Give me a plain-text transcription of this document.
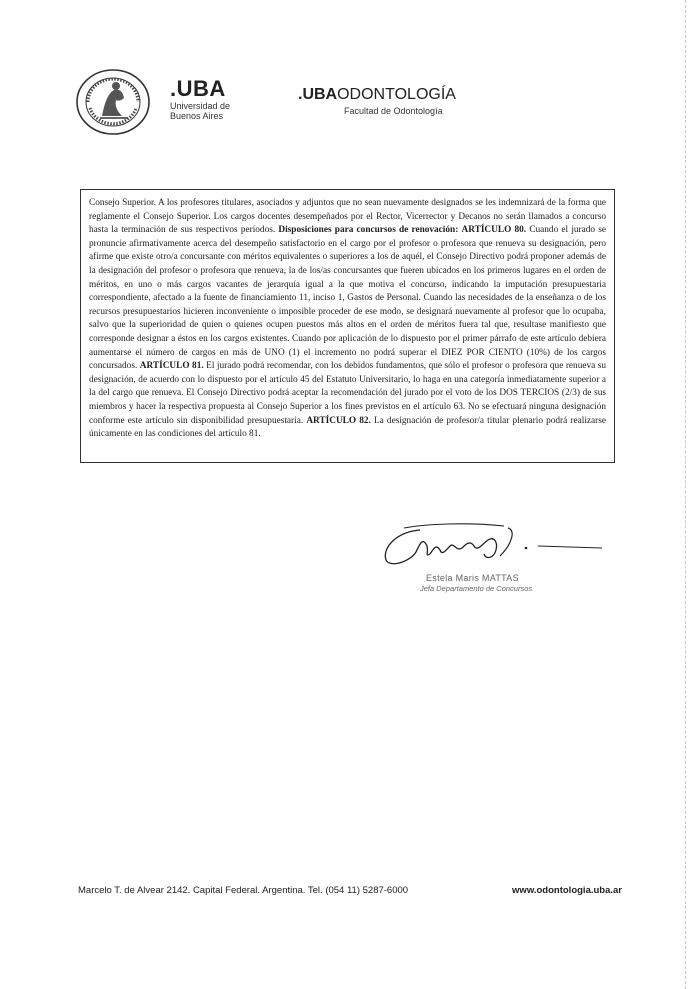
.UBA
Universidad de Buenos Aires
.UBAODONTOLOGÍA
Facultad de Odontología

Consejo Superior. A los profesores titulares, asociados y adjuntos que no sean nuevamente designados se les indemnizará de la forma que reglamente el Consejo Superior. Los cargos docentes desempeñados por el Rector, Vicerrector y Decanos no serán llamados a concurso hasta la terminación de sus respectivos períodos. Disposiciones para concursos de renovación: ARTÍCULO 80. Cuando el jurado se pronuncie afirmativamente acerca del desempeño satisfactorio en el cargo por el profesor o profesora que renueva su designación, pero afirme que existe otro/a concursante con méritos equivalentes o superiores a los de aquél, el Consejo Directivo podrá proponer además de la designación del profesor o profesora que renueva, la de los/as concursantes que fueren ubicados en los primeros lugares en el orden de méritos, en uno o más cargos vacantes de jerarquía igual a la que motiva el concurso, indicando la imputación presupuestaria correspondiente, afectado a la fuente de financiamiento 11, inciso 1, Gastos de Personal. Cuando las necesidades de la enseñanza o de los recursos presupuestarios hicieren inconveniente o imposible proceder de ese modo, se designará nuevamente al profesor que lo ocupaba, salvo que la superioridad de quien o quienes ocupen puestos más altos en el orden de méritos fuera tal que, resultase manifiesto que corresponde designar a éstos en los cargos existentes. Cuando por aplicación de lo dispuesto por el primer párrafo de este artículo debiera aumentarse el número de cargos en más de UNO (1) el incremento no podrá superar el DIEZ POR CIENTO (10%) de los cargos concursados. ARTÍCULO 81. El jurado podrá recomendar, con los debidos fundamentos, que sólo el profesor o profesora que renueva su designación, de acuerdo con lo dispuesto por el artículo 45 del Estatuto Universitario, lo haga en una categoría inmediatamente superior a la del cargo que renueva. El Consejo Directivo podrá aceptar la recomendación del jurado por el voto de los DOS TERCIOS (2/3) de sus miembros y hacer la respectiva propuesta al Consejo Superior a los fines previstos en el artículo 63. No se efectuará ninguna designación conforme este artículo sin disponibilidad presupuestaria. ARTÍCULO 82. La designación de profesor/a titular plenario podrá realizarse únicamente en las condiciones del artículo 81.

Estela Maris MATTAS
Jefa Departamento de Concursos
Marcelo T. de Alvear 2142. Capital Federal. Argentina. Tel. (054 11) 5287-6000	www.odontologia.uba.ar
